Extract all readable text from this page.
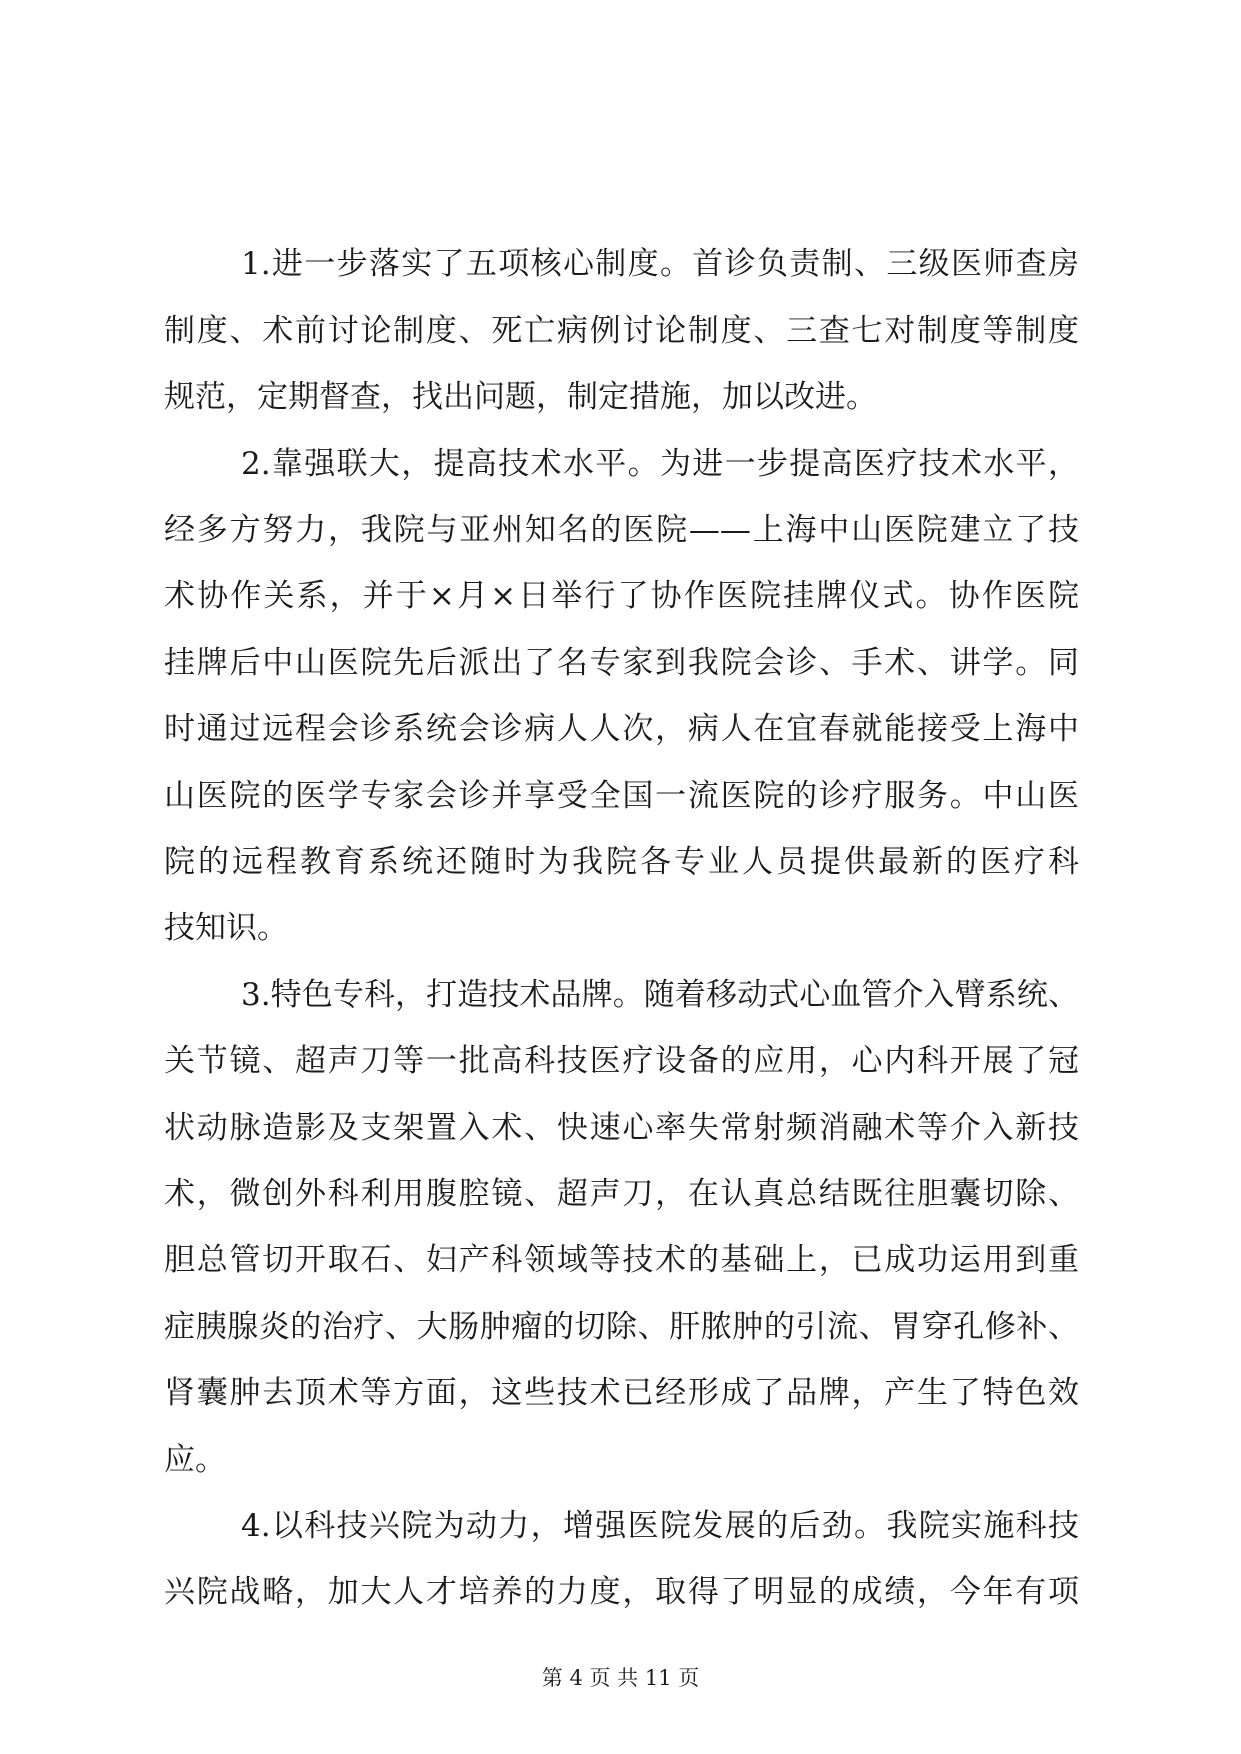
1.进一步落实了五项核心制度。首诊负责制、三级医师查房
制度、术前讨论制度、死亡病例讨论制度、三查七对制度等制度
规范，定期督查，找出问题，制定措施，加以改进。
2.靠强联大，提高技术水平。为进一步提高医疗技术水平，
经多方努力，我院与亚州知名的医院——上海中山医院建立了技
术协作关系，并于×月×日举行了协作医院挂牌仪式。协作医院
挂牌后中山医院先后派出了名专家到我院会诊、手术、讲学。同
时通过远程会诊系统会诊病人人次，病人在宜春就能接受上海中
山医院的医学专家会诊并享受全国一流医院的诊疗服务。中山医
院的远程教育系统还随时为我院各专业人员提供最新的医疗科
技知识。
3.特色专科，打造技术品牌。随着移动式心血管介入臂系统、
关节镜、超声刀等一批高科技医疗设备的应用，心内科开展了冠
状动脉造影及支架置入术、快速心率失常射频消融术等介入新技
术，微创外科利用腹腔镜、超声刀，在认真总结既往胆囊切除、
胆总管切开取石、妇产科领域等技术的基础上，已成功运用到重
症胰腺炎的治疗、大肠肿瘤的切除、肝脓肿的引流、胃穿孔修补、
肾囊肿去顶术等方面，这些技术已经形成了品牌，产生了特色效
应。
4.以科技兴院为动力，增强医院发展的后劲。我院实施科技
兴院战略，加大人才培养的力度，取得了明显的成绩，今年有项
第 4 页 共 11 页
